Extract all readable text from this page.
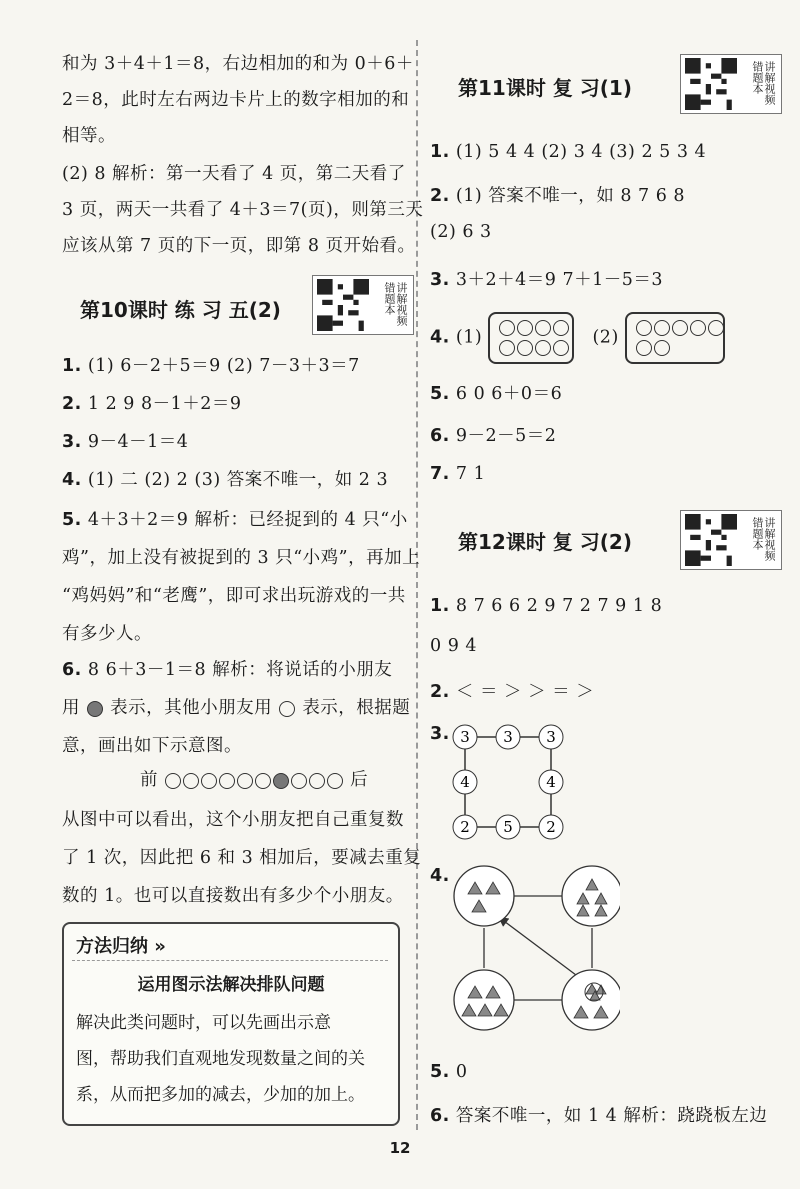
和为 3＋4＋1＝8，右边相加的和为 0＋6＋
2＝8，此时左右两边卡片上的数字相加的和
相等。
(2) 8 解析：第一天看了 4 页，第二天看了
3 页，两天一共看了 4＋3＝7(页)，则第三天
应该从第 7 页的下一页，即第 8 页开始看。
第10课时 练 习 五(2)	讲解视频错题本
1. (1) 6－2＋5＝9 (2) 7－3＋3＝7
2. 1 2 9 8－1＋2＝9
3. 9－4－1＝4
4. (1) 二 (2) 2 (3) 答案不唯一，如 2 3
5. 4＋3＋2＝9 解析：已经捉到的 4 只“小
鸡”，加上没有被捉到的 3 只“小鸡”，再加上
“鸡妈妈”和“老鹰”，即可求出玩游戏的一共
有多少人。
6. 8 6＋3－1＝8 解析：将说话的小朋友
用 表示，其他小朋友用 表示，根据题
意，画出如下示意图。
前	后
从图中可以看出，这个小朋友把自己重复数
了 1 次，因此把 6 和 3 相加后，要减去重复
数的 1。也可以直接数出有多少个小朋友。
方法归纳 »
运用图示法解决排队问题
解决此类问题时，可以先画出示意
图，帮助我们直观地发现数量之间的关
系，从而把多加的减去，少加的加上。
第11课时 复 习(1)	讲解视频错题本
1. (1) 5 4 4 (2) 3 4 (3) 2 5 3 4
2. (1) 答案不唯一，如 8 7 6 8
(2) 6 3
3. 3＋2＋4＝9 7＋1－5＝3
4. (1)	(2)

5. 6 0 6＋0＝6
6. 9－2－5＝2
7. 7 1
第12课时 复 习(2)	讲解视频错题本
1. 8 7 6 6 2 9 7 2 7 9 1 8
0 9 4
2. ＜ ＝ ＞ ＞ ＝ ＞
3. 3 3 3
4	4
2 5 2
4.
5. 0
6. 答案不唯一，如 1 4 解析：跷跷板左边
12
